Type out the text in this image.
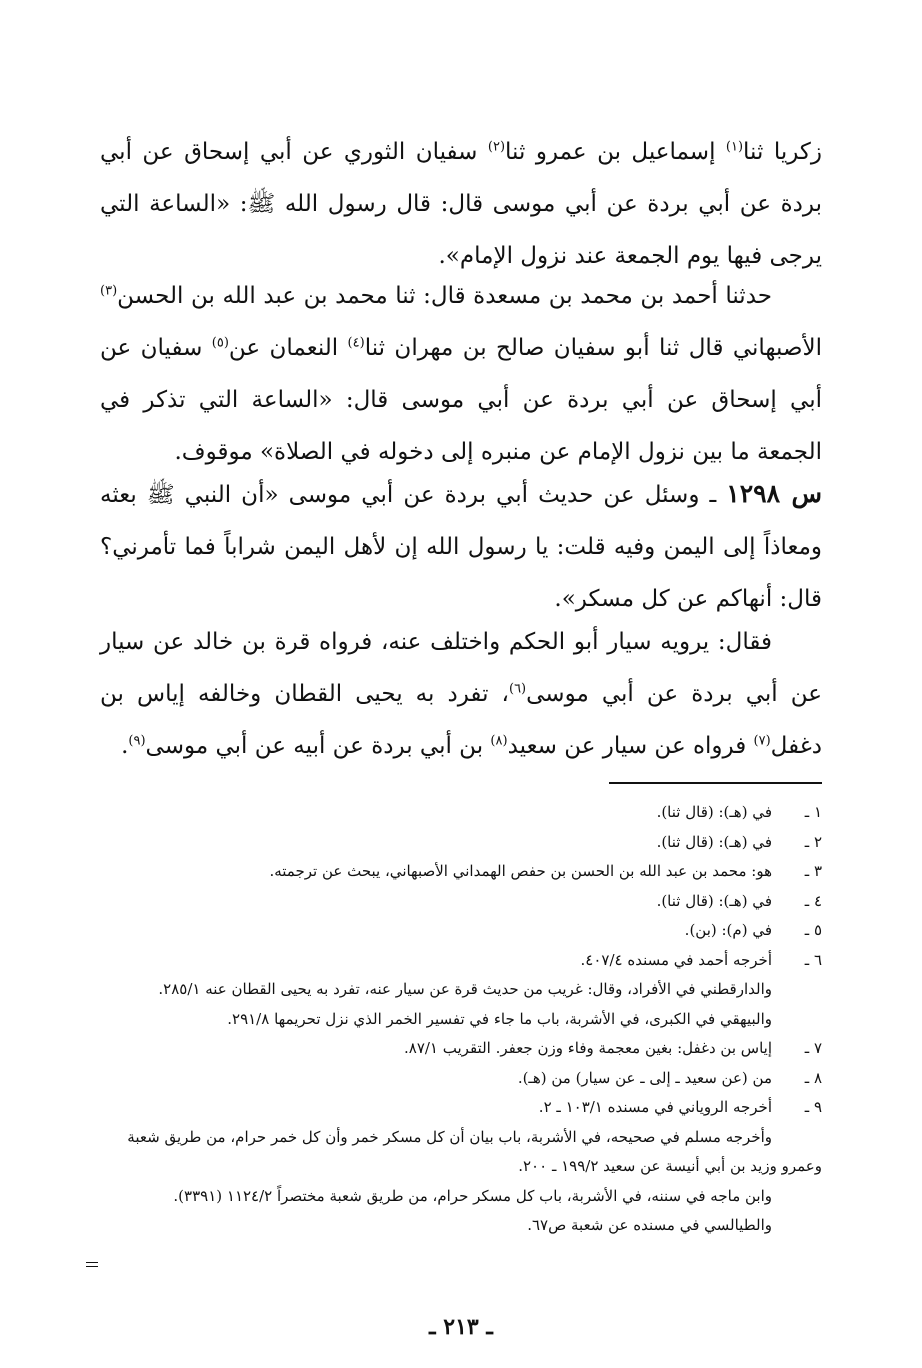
زكريا ثنا$^{(١)}$ إسماعيل بن عمرو ثنا$^{(٢)}$ سفيان الثوري عن أبي إسحاق عن أبي بردة عن أبي بردة عن أبي موسى قال: قال رسول الله ﷺ: «الساعة التي يرجى فيها يوم الجمعة عند نزول الإمام».

حدثنا أحمد بن محمد بن مسعدة قال: ثنا محمد بن عبد الله بن الحسن$^{(٣)}$ الأصبهاني قال ثنا أبو سفيان صالح بن مهران ثنا$^{(٤)}$ النعمان عن$^{(٥)}$ سفيان عن أبي إسحاق عن أبي بردة عن أبي موسى قال: «الساعة التي تذكر في الجمعة ما بين نزول الإمام عن منبره إلى دخوله في الصلاة» موقوف.

س ١٢٩٨ ـ وسئل عن حديث أبي بردة عن أبي موسى «أن النبي ﷺ بعثه ومعاذاً إلى اليمن وفيه قلت: يا رسول الله إن لأهل اليمن شراباً فما تأمرني؟ قال: أنهاكم عن كل مسكر».

فقال: يرويه سيار أبو الحكم واختلف عنه، فرواه قرة بن خالد عن سيار عن أبي بردة عن أبي موسى$^{(٦)}$، تفرد به يحيى القطان وخالفه إياس بن دغفل$^{(٧)}$ فرواه عن سيار عن سعيد$^{(٨)}$ بن أبي بردة عن أبيه عن أبي موسى$^{(٩)}$.

١ ـفي (هـ): (قال ثنا).

٢ ـفي (هـ): (قال ثنا).

٣ ـهو: محمد بن عبد الله بن الحسن بن حفص الهمداني الأصبهاني، يبحث عن ترجمته.

٤ ـفي (هـ): (قال ثنا).

٥ ـفي (م): (بن).

٦ ـأخرجه أحمد في مسنده ٤٠٧/٤.

والدارقطني في الأفراد، وقال: غريب من حديث قرة عن سيار عنه، تفرد به يحيى القطان عنه ٢٨٥/١.

والبيهقي في الكبرى، في الأشربة، باب ما جاء في تفسير الخمر الذي نزل تحريمها ٢٩١/٨.

٧ ـإياس بن دغفل: بغين معجمة وفاء وزن جعفر. التقريب ٨٧/١.

٨ ـمن (عن سعيد ـ إلى ـ عن سيار) من (هـ).

٩ ـأخرجه الروياني في مسنده ١٠٣/١ ـ ٢.

وأخرجه مسلم في صحيحه، في الأشربة، باب بيان أن كل مسكر خمر وأن كل خمر حرام، من طريق شعبة وعمرو وزيد بن أبي أنيسة عن سعيد ١٩٩/٢ ـ ٢٠٠.

وابن ماجه في سننه، في الأشربة، باب كل مسكر حرام، من طريق شعبة مختصراً ١١٢٤/٢ (٣٣٩١).

والطيالسي في مسنده عن شعبة ص٦٧.

ـ ٢١٣ ـ
